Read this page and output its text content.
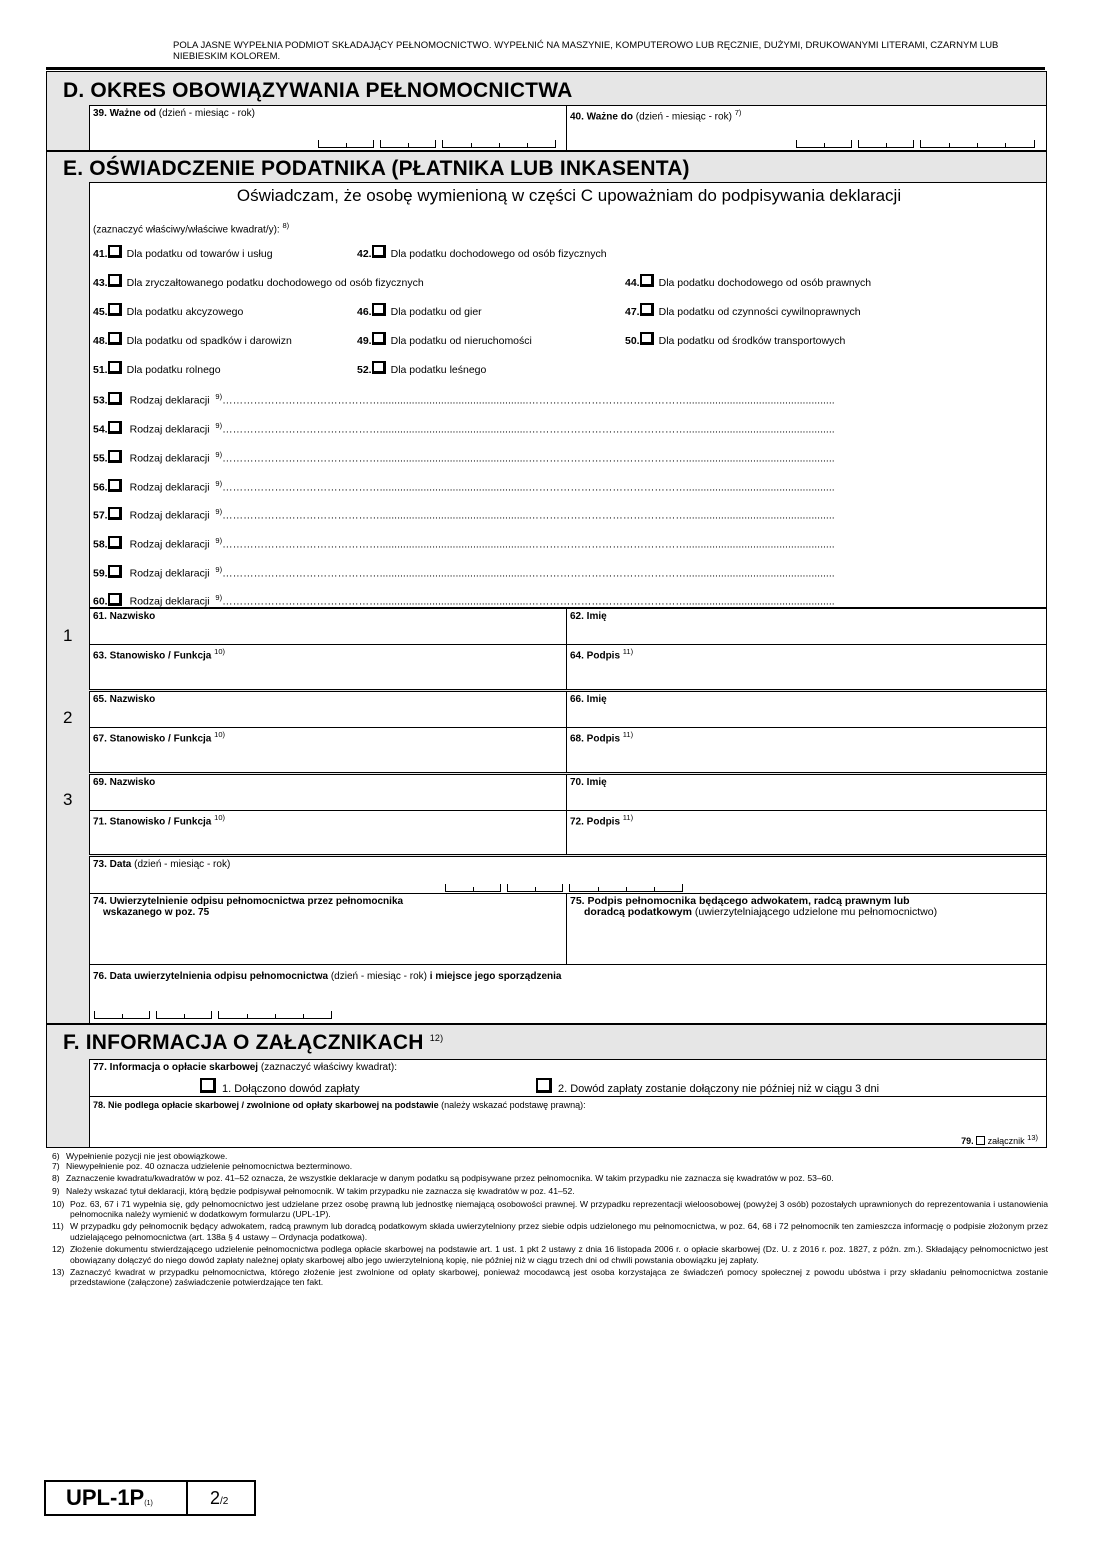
POLA JASNE WYPEŁNIA PODMIOT SKŁADAJĄCY PEŁNOMOCNICTWO. WYPEŁNIĆ NA MASZYNIE, KOMPUTEROWO LUB RĘCZNIE, DUŻYMI, DRUKOWANYMI LITERAMI, CZARNYM LUB NIEBIESKIM KOLOREM.
D. OKRES OBOWIĄZYWANIA PEŁNOMOCNICTWA
39. Ważne od (dzień - miesiąc - rok)	40. Ważne do (dzień - miesiąc - rok) $^{7)}$
E. OŚWIADCZENIE PODATNIKA (PŁATNIKA LUB INKASENTA)
Oświadczam, że osobę wymienioną w części C upoważniam do podpisywania deklaracji
(zaznaczyć właściwy/właściwe kwadrat/y): $^{8)}$
41. Dla podatku od towarów i usług	42. Dla podatku dochodowego od osób fizycznych
43. Dla zryczałtowanego podatku dochodowego od osób fizycznych	44. Dla podatku dochodowego od osób prawnych
45. Dla podatku akcyzowego	46. Dla podatku od gier	47. Dla podatku od czynności cywilnoprawnych
48. Dla podatku od spadków i darowizn	49. Dla podatku od nieruchomości	50. Dla podatku od środków transportowych
51. Dla podatku rolnego	52. Dla podatku leśnego
53. Rodzaj deklaracji $^{9)}$………………………………………...................................................………………………………………...................................................
54. Rodzaj deklaracji $^{9)}$………………………………………...................................................………………………………………...................................................
55. Rodzaj deklaracji $^{9)}$………………………………………...................................................………………………………………...................................................
56. Rodzaj deklaracji $^{9)}$………………………………………...................................................………………………………………...................................................
57. Rodzaj deklaracji $^{9)}$………………………………………...................................................………………………………………...................................................
58. Rodzaj deklaracji $^{9)}$………………………………………...................................................………………………………………...................................................
59. Rodzaj deklaracji $^{9)}$………………………………………...................................................………………………………………...................................................
60. Rodzaj deklaracji $^{9)}$………………………………………...................................................………………………………………...................................................
1
61. Nazwisko	62. Imię
63. Stanowisko / Funkcja $^{10)}$	64. Podpis $^{11)}$
2
65. Nazwisko	66. Imię
67. Stanowisko / Funkcja $^{10)}$	68. Podpis $^{11)}$
3
69. Nazwisko	70. Imię
71. Stanowisko / Funkcja $^{10)}$	72. Podpis $^{11)}$
73. Data (dzień - miesiąc - rok)
74. Uwierzytelnienie odpisu pełnomocnictwa przez pełnomocnika
wskazanego w poz. 75
75. Podpis pełnomocnika będącego adwokatem, radcą prawnym lub
doradcą podatkowym (uwierzytelniającego udzielone mu pełnomocnictwo)
76. Data uwierzytelnienia odpisu pełnomocnictwa (dzień - miesiąc - rok) i miejsce jego sporządzenia
F. INFORMACJA O ZAŁĄCZNIKACH $^{12)}$
77. Informacja o opłacie skarbowej (zaznaczyć właściwy kwadrat):
1. Dołączono dowód zapłaty	2. Dowód zapłaty zostanie dołączony nie później niż w ciągu 3 dni
78. Nie podlega opłacie skarbowej / zwolnione od opłaty skarbowej na podstawie (należy wskazać podstawę prawną):
79. załącznik $^{13)}$
6) Wypełnienie pozycji nie jest obowiązkowe.
7) Niewypełnienie poz. 40 oznacza udzielenie pełnomocnictwa bezterminowo.
8) Zaznaczenie kwadratu/kwadratów w poz. 41–52 oznacza, że wszystkie deklaracje w danym podatku są podpisywane przez pełnomocnika. W takim przypadku nie zaznacza się kwadratów w poz. 53–60.
9) Należy wskazać tytuł deklaracji, którą będzie podpisywał pełnomocnik. W takim przypadku nie zaznacza się kwadratów w poz. 41–52.
10) Poz. 63, 67 i 71 wypełnia się, gdy pełnomocnictwo jest udzielane przez osobę prawną lub jednostkę niemającą osobowości prawnej. W przypadku reprezentacji wieloosobowej (powyżej 3 osób) pozostałych uprawnionych do reprezentowania i ustanowienia pełnomocnika należy wymienić w dodatkowym formularzu (UPL-1P).
11) W przypadku gdy pełnomocnik będący adwokatem, radcą prawnym lub doradcą podatkowym składa uwierzytelniony przez siebie odpis udzielonego mu pełnomocnictwa, w poz. 64, 68 i 72 pełnomocnik ten zamieszcza informację o podpisie złożonym przez udzielającego pełnomocnictwa (art. 138a § 4 ustawy – Ordynacja podatkowa).
12) Złożenie dokumentu stwierdzającego udzielenie pełnomocnictwa podlega opłacie skarbowej na podstawie art. 1 ust. 1 pkt 2 ustawy z dnia 16 listopada 2006 r. o opłacie skarbowej (Dz. U. z 2016 r. poz. 1827, z późn. zm.). Składający pełnomocnictwo jest obowiązany dołączyć do niego dowód zapłaty należnej opłaty skarbowej albo jego uwierzytelnioną kopię, nie później niż w ciągu trzech dni od chwili powstania obowiązku jej zapłaty.
13) Zaznaczyć kwadrat w przypadku pełnomocnictwa, którego złożenie jest zwolnione od opłaty skarbowej, ponieważ mocodawcą jest osoba korzystająca ze świadczeń pomocy społecznej z powodu ubóstwa i przy składaniu pełnomocnictwa zostanie przedstawione (załączone) zaświadczenie potwierdzające ten fakt.
UPL-1P(1)	2/2
